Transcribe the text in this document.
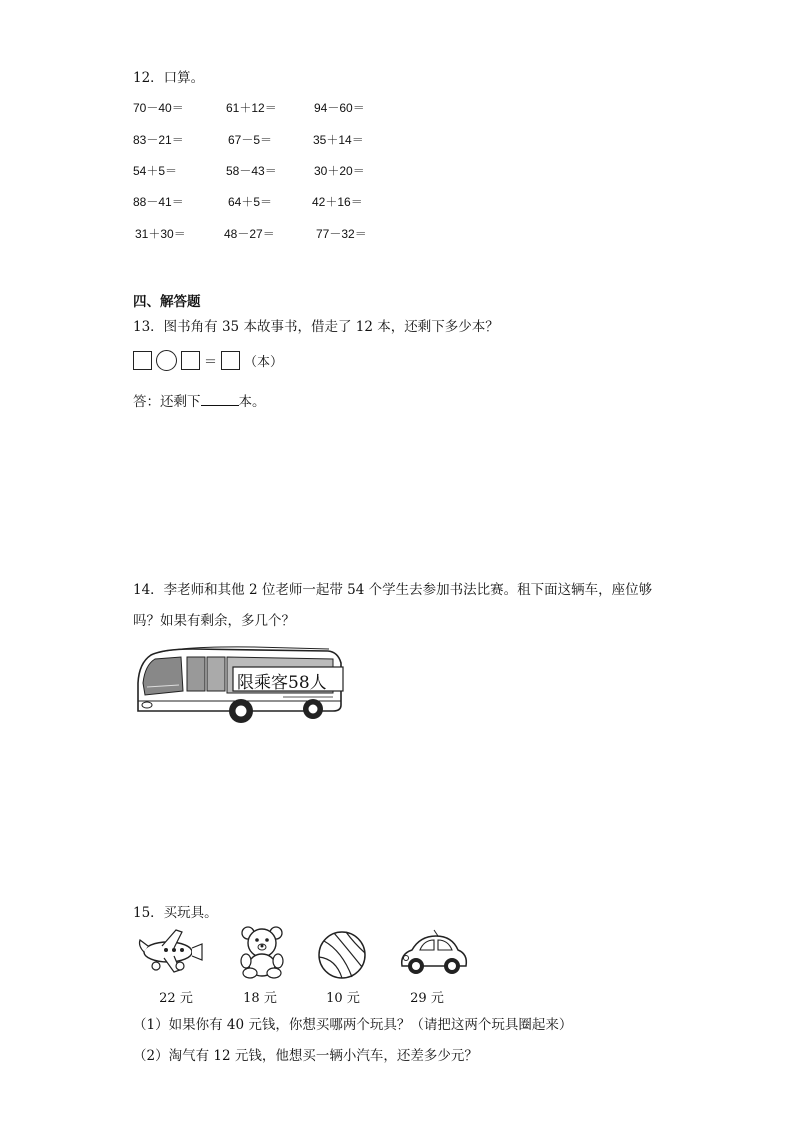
12．口算。
70－40＝	61＋12＝	94－60＝
83－21＝	67－5＝	35＋14＝
54＋5＝	58－43＝	30＋20＝
88－41＝	64＋5＝	42＋16＝
31＋30＝	48－27＝	77－32＝
四、解答题
13．图书角有 35 本故事书，借走了 12 本，还剩下多少本？
＝ （本）
答：还剩下	本。
14．李老师和其他 2 位老师一起带 54 个学生去参加书法比赛。租下面这辆车，座位够
吗？如果有剩余，多几个？
限乘客58人
15．买玩具。
22 元	18 元	10 元	29 元
（1）如果你有 40 元钱，你想买哪两个玩具？（请把这两个玩具圈起来）
（2）淘气有 12 元钱，他想买一辆小汽车，还差多少元？
